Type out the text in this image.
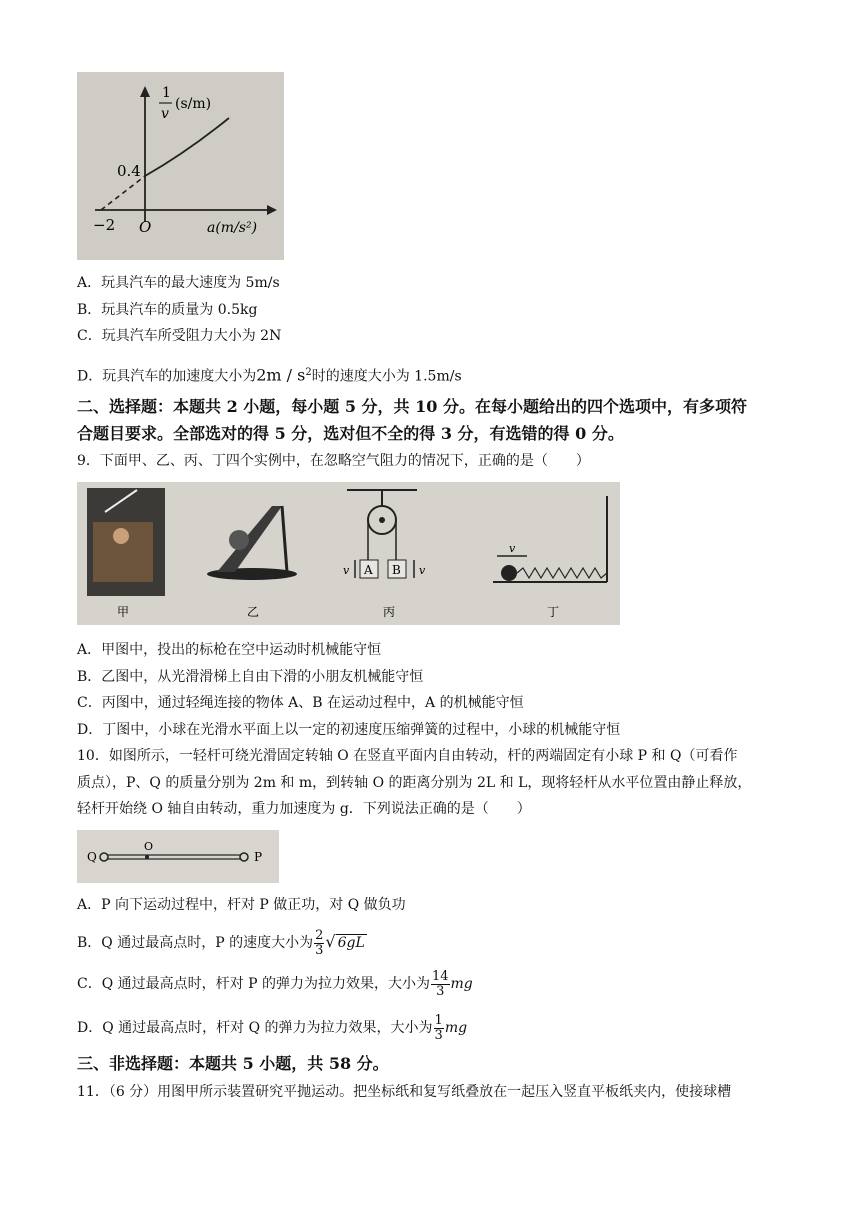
1
v
(s/m)
0.4
−2 O	a(m/s²)
A．玩具汽车的最大速度为 5m/s
B．玩具汽车的质量为 0.5kg
C．玩具汽车所受阻力大小为 2N
D．玩具汽车的加速度大小为$2m / s^2$时的速度大小为 1.5m/s
二、选择题：本题共 2 小题，每小题 5 分，共 10 分。在每小题给出的四个选项中，有多项符
合题目要求。全部选对的得 5 分，选对但不全的得 3 分，有选错的得 0 分。
9．下面甲、乙、丙、丁四个实例中，在忽略空气阻力的情况下，正确的是（　　）
甲	乙
A B
v	v
丙
v
丁
A．甲图中，投出的标枪在空中运动时机械能守恒
B．乙图中，从光滑滑梯上自由下滑的小朋友机械能守恒
C．丙图中，通过轻绳连接的物体 A、B 在运动过程中，A 的机械能守恒
D．丁图中，小球在光滑水平面上以一定的初速度压缩弹簧的过程中，小球的机械能守恒
10．如图所示，一轻杆可绕光滑固定转轴 O 在竖直平面内自由转动，杆的两端固定有小球 P 和 Q（可看作
质点），P、Q 的质量分别为 2m 和 m，到转轴 O 的距离分别为 2L 和 L，现将轻杆从水平位置由静止释放，
轻杆开始绕 O 轴自由转动，重力加速度为 g．下列说法正确的是（　　）
Q
O
P
A．P 向下运动过程中，杆对 P 做正功，对 Q 做负功
B．Q 通过最高点时，P 的速度大小为 $\frac{2}{3}$ √ 6gL
C．Q 通过最高点时，杆对 P 的弹力为拉力效果，大小为 $\frac{14}{3}$ mg
D．Q 通过最高点时，杆对 Q 的弹力为拉力效果，大小为 $\frac{1}{3}$ mg
三、非选择题：本题共 5 小题，共 58 分。
11．（6 分）用图甲所示装置研究平抛运动。把坐标纸和复写纸叠放在一起压入竖直平板纸夹内，使接球槽
